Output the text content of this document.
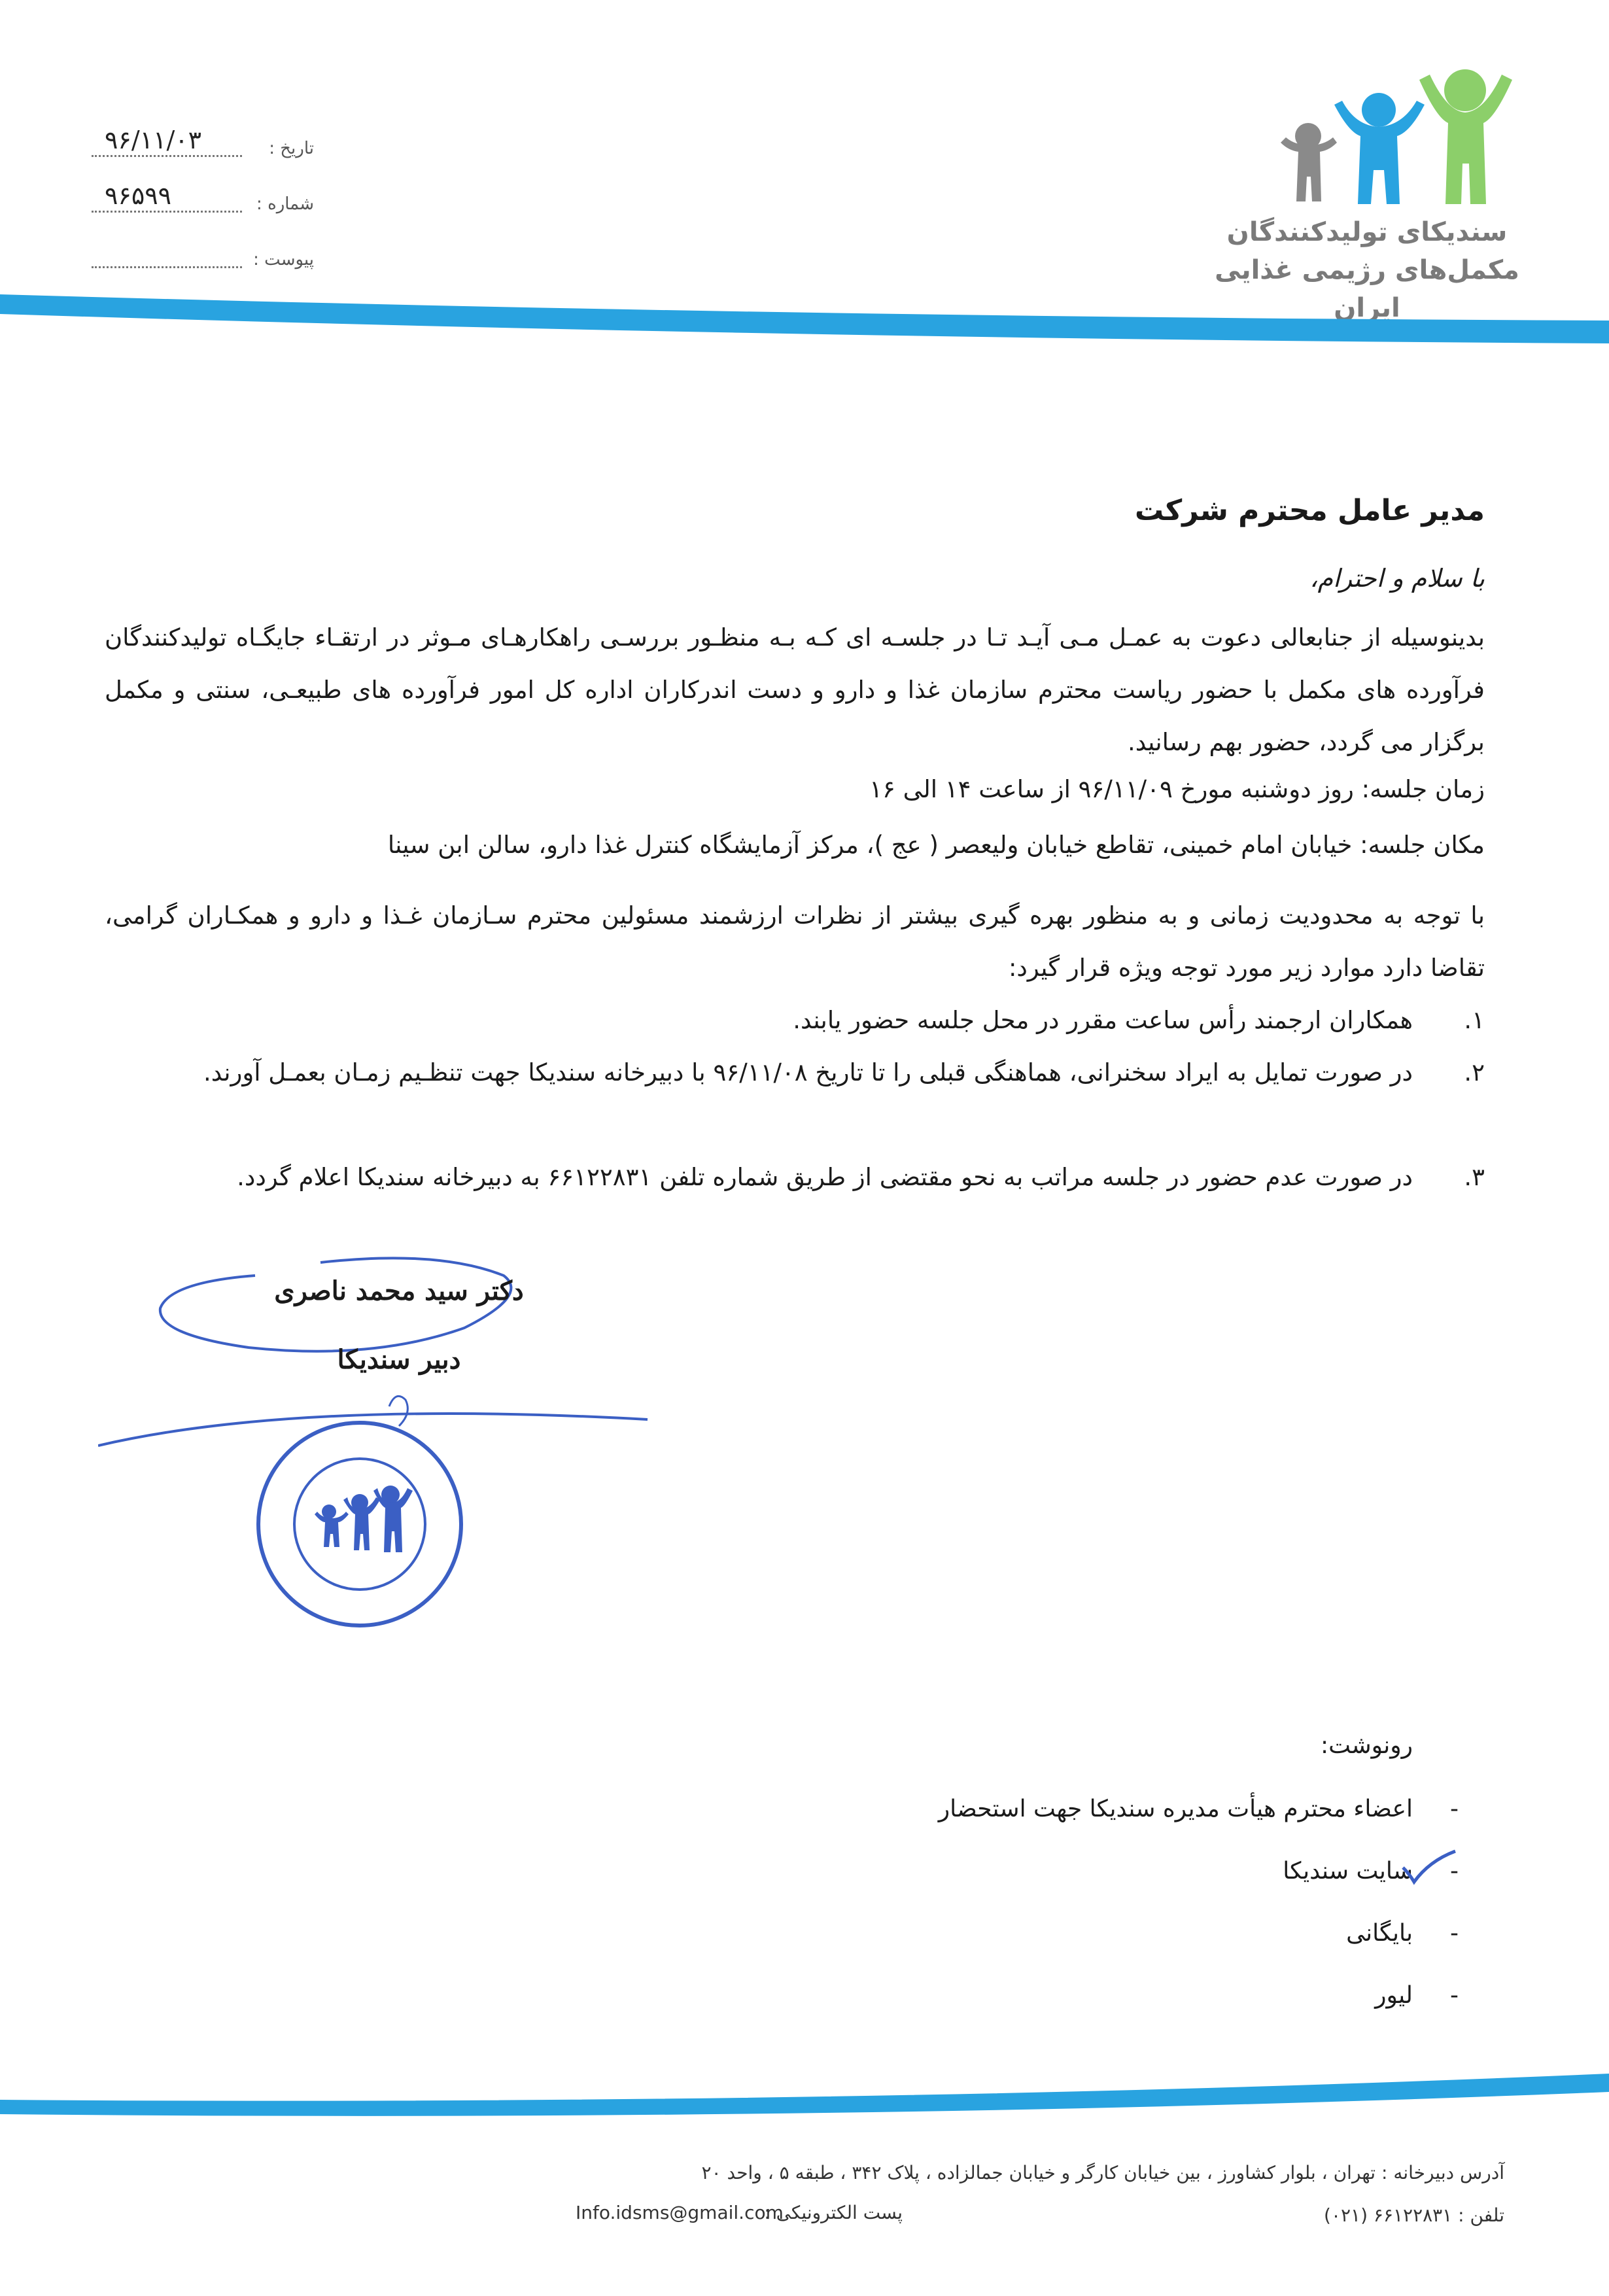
تاریخ :
۹۶/۱۱/۰۳
شماره :
۹۶۵۹۹
پیوست :
سندیکای تولیدکنندگان
مکمل‌های رژیمی غذایی
ایران
مدیر عامل محترم شرکت
با سلام و احترام،
بدینوسیله از جنابعالی دعوت به عمـل مـی آیـد تـا در جلسـه ای کـه بـه منظـور بررسـی راهکارهـای مـوثر در ارتقـاء جایگـاه تولیدکنندگان فرآورده های مکمل با حضور ریاست محترم سازمان غذا و دارو و دست اندرکاران اداره کل امور فرآورده های طبیعـی، سنتی و مکمل برگزار می گردد، حضور بهم رسانید.
زمان جلسه: روز دوشنبه مورخ ۹۶/۱۱/۰۹ از ساعت ۱۴ الی ۱۶
مکان جلسه: خیابان امام خمینی، تقاطع خیابان ولیعصر ( عج )، مرکز آزمایشگاه کنترل غذا دارو، سالن ابن سینا
با توجه به محدودیت زمانی و به منظور بهره گیری بیشتر از نظرات ارزشمند مسئولین محترم سـازمان غـذا و دارو و همکـاران گرامی، تقاضا دارد موارد زیر مورد توجه ویژه قرار گیرد:
۱.
همکاران ارجمند رأس ساعت مقرر در محل جلسه حضور یابند.
۲.
در صورت تمایل به ایراد سخنرانی، هماهنگی قبلی را تا تاریخ ۹۶/۱۱/۰۸ با دبیرخانه سندیکا جهت تنظـیم زمـان بعمـل آورند.
۳.
در صورت عدم حضور در جلسه مراتب به نحو مقتضی از طریق شماره تلفن ۶۶۱۲۲۸۳۱ به دبیرخانه سندیکا اعلام گردد.
دکتر سید محمد ناصری
دبیر سندیکا
رونوشت:
-
اعضاء محترم هیأت مدیره سندیکا جهت استحضار
-
سایت سندیکا
-
بایگانی
-
لیور
آدرس دبیرخانه : تهران ، بلوار کشاورز ، بین خیابان کارگر و خیابان جمالزاده ، پلاک ۳۴۲ ، طبقه ۵ ، واحد ۲۰
تلفن : ۶۶۱۲۲۸۳۱ (۰۲۱)
پست الکترونیکی :
Info.idsms@gmail.com
